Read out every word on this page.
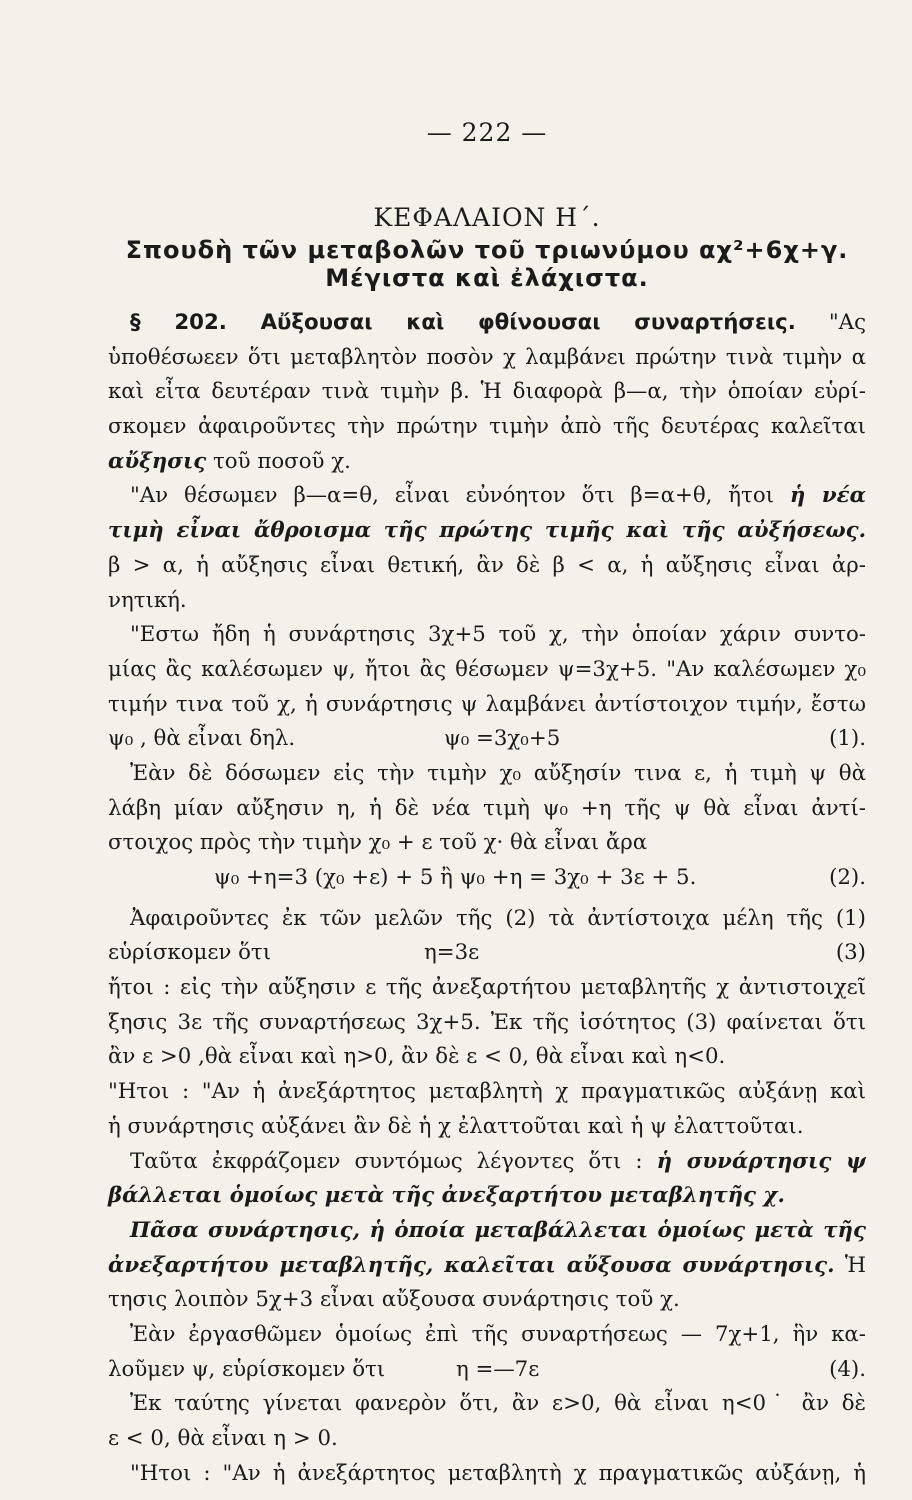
— 222 —
ΚΕΦΑΛΑΙΟΝ Η΄.
Σπουδὴ τῶν μεταβολῶν τοῦ τριωνύμου αχ²+6χ+γ.
Μέγιστα καὶ ἐλάχιστα.
§ 202. Αὔξουσαι καὶ φθίνουσαι συναρτήσεις. "Ας
ὑποθέσωεεν ὅτι μεταβλητὸν ποσὸν χ λαμβάνει πρώτην τινὰ τιμὴν α
καὶ εἶτα δευτέραν τινὰ τιμὴν β. Ἡ διαφορὰ β—α, τὴν ὁποίαν εὑρί-
σκομεν ἀφαιροῦντες τὴν πρώτην τιμὴν ἀπὸ τῆς δευτέρας καλεῖται
αὔξησις τοῦ ποσοῦ χ.
"Αν θέσωμεν β—α=θ, εἶναι εὐνόητον ὅτι β=α+θ, ἤτοι ἡ νέα
τιμὴ εἶναι ἄθροισμα τῆς πρώτης τιμῆς καὶ τῆς αὐξήσεως.
β > α, ἡ αὔξησις εἶναι θετική, ἂν δὲ β < α, ἡ αὔξησις εἶναι ἀρ-
νητική.
"Εστω ἤδη ἡ συνάρτησις 3χ+5 τοῦ χ, τὴν ὁποίαν χάριν συντο-
μίας ἂς καλέσωμεν ψ, ἤτοι ἂς θέσωμεν ψ=3χ+5. "Αν καλέσωμεν χ₀
τιμήν τινα τοῦ χ, ἡ συνάρτησις ψ λαμβάνει ἀντίστοιχον τιμήν, ἔστω
ψ₀ , θὰ εἶναι δηλ.	ψ₀ =3χ₀+5	(1).
Ἐὰν δὲ δόσωμεν εἰς τὴν τιμὴν χ₀ αὔξησίν τινα ε, ἡ τιμὴ ψ θὰ
λάβη μίαν αὔξησιν η, ἡ δὲ νέα τιμὴ ψ₀ +η τῆς ψ θὰ εἶναι ἀντί-
στοιχος πρὸς τὴν τιμὴν χ₀ + ε τοῦ χ· θὰ εἶναι ἄρα
ψ₀ +η=3 (χ₀ +ε) + 5 ἢ ψ₀ +η = 3χ₀ + 3ε + 5.	(2).
Ἀφαιροῦντες ἐκ τῶν μελῶν τῆς (2) τὰ ἀντίστοιχα μέλη τῆς (1)
εὑρίσκομεν ὅτι	η=3ε	(3)
ἤτοι : εἰς τὴν αὔξησιν ε τῆς ἀνεξαρτήτου μεταβλητῆς χ ἀντιστοιχεῖ
ξησις 3ε τῆς συναρτήσεως 3χ+5. Ἐκ τῆς ἰσότητος (3) φαίνεται ὅτι
ἂν ε >0 ,θὰ εἶναι καὶ η>0, ἂν δὲ ε < 0, θὰ εἶναι καὶ η<0.
"Ητοι : "Αν ἡ ἀνεξάρτητος μεταβλητὴ χ πραγματικῶς αὐξάνῃ καὶ
ἡ συνάρτησις αὐξάνει ἂν δὲ ἡ χ ἐλαττοῦται καὶ ἡ ψ ἐλαττοῦται.
Ταῦτα ἐκφράζομεν συντόμως λέγοντες ὅτι : ἡ συνάρτησις ψ
βάλλεται ὁμοίως μετὰ τῆς ἀνεξαρτήτου μεταβλητῆς χ.
Πᾶσα συνάρτησις, ἡ ὁποία μεταβάλλεται ὁμοίως μετὰ τῆς
ἀνεξαρτήτου μεταβλητῆς, καλεῖται αὔξουσα συνάρτησις. Ἡ
τησις λοιπὸν 5χ+3 εἶναι αὔξουσα συνάρτησις τοῦ χ.
Ἐὰν ἐργασθῶμεν ὁμοίως ἐπὶ τῆς συναρτήσεως — 7χ+1, ἣν κα-
λοῦμεν ψ, εὑρίσκομεν ὅτι	η =—7ε	(4).
Ἐκ ταύτης γίνεται φανερὸν ὅτι, ἂν ε>0, θὰ εἶναι η<0˙ ἂν δὲ
ε < 0, θὰ εἶναι η > 0.
"Ητοι : "Αν ἡ ἀνεξάρτητος μεταβλητὴ χ πραγματικῶς αὐξάνῃ, ἡ
